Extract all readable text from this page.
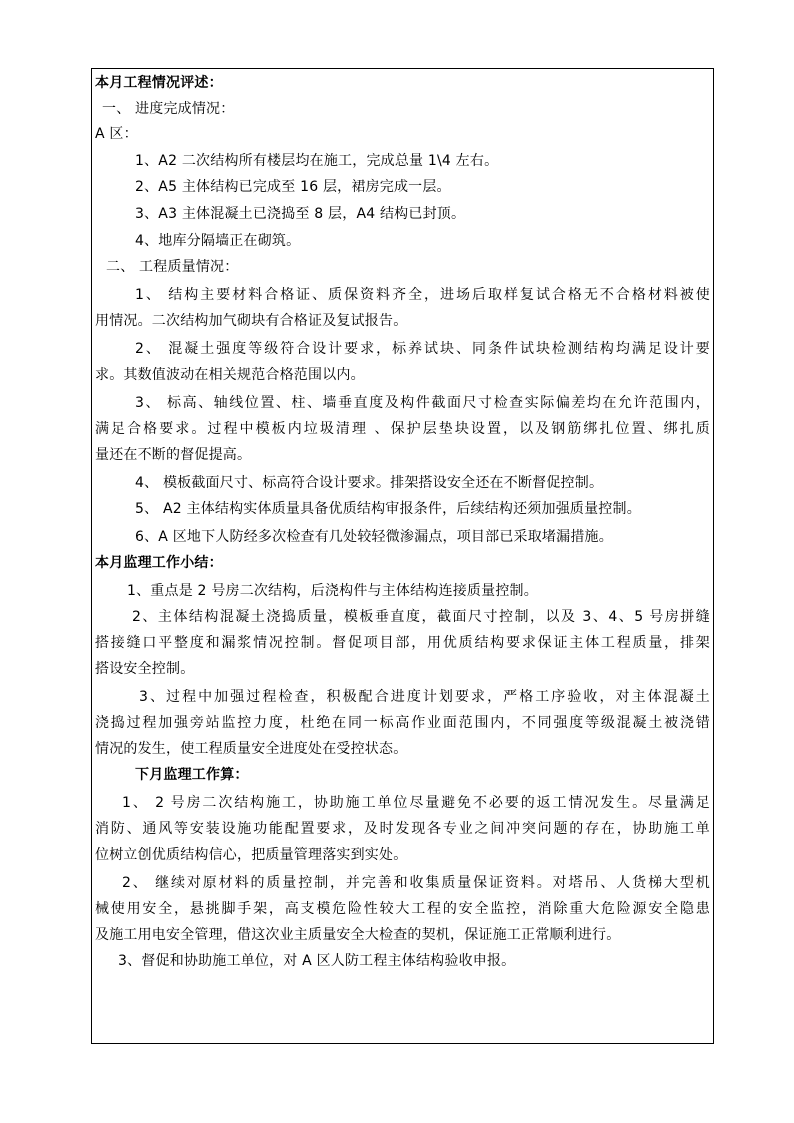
本月工程情况评述：
一、 进度完成情况：
A 区：
1、A2 二次结构所有楼层均在施工，完成总量 1\4 左右。
2、A5 主体结构已完成至 16 层，裙房完成一层。
3、A3 主体混凝土已浇捣至 8 层，A4 结构已封顶。
4、地库分隔墙正在砌筑。
二、 工程质量情况：
1、 结构主要材料合格证、质保资料齐全，进场后取样复试合格无不合格材料被使
用情况。二次结构加气砌块有合格证及复试报告。
2、 混凝土强度等级符合设计要求，标养试块、同条件试块检测结构均满足设计要
求。其数值波动在相关规范合格范围以内。
3、 标高、轴线位置、柱、墙垂直度及构件截面尺寸检查实际偏差均在允许范围内，
满足合格要求。过程中模板内垃圾清理 、保护层垫块设置，以及钢筋绑扎位置、绑扎质
量还在不断的督促提高。
4、 模板截面尺寸、标高符合设计要求。排架搭设安全还在不断督促控制。
5、 A2 主体结构实体质量具备优质结构审报条件，后续结构还须加强质量控制。
6、A 区地下人防经多次检查有几处较轻微渗漏点，项目部已采取堵漏措施。
本月监理工作小结：
1、重点是 2 号房二次结构，后浇构件与主体结构连接质量控制。
2、主体结构混凝土浇捣质量，模板垂直度，截面尺寸控制，以及 3、4、5 号房拼缝
搭接缝口平整度和漏浆情况控制。督促项目部，用优质结构要求保证主体工程质量，排架
搭设安全控制。
3、过程中加强过程检查，积极配合进度计划要求，严格工序验收，对主体混凝土
浇捣过程加强旁站监控力度，杜绝在同一标高作业面范围内，不同强度等级混凝土被浇错
情况的发生，使工程质量安全进度处在受控状态。
下月监理工作算：
1、 2 号房二次结构施工，协助施工单位尽量避免不必要的返工情况发生。尽量满足
消防、通风等安装设施功能配置要求，及时发现各专业之间冲突问题的存在，协助施工单
位树立创优质结构信心，把质量管理落实到实处。
2、 继续对原材料的质量控制，并完善和收集质量保证资料。对塔吊、人货梯大型机
械使用安全，悬挑脚手架，高支模危险性较大工程的安全监控，消除重大危险源安全隐患
及施工用电安全管理，借这次业主质量安全大检查的契机，保证施工正常顺利进行。
3、督促和协助施工单位，对 A 区人防工程主体结构验收申报。
